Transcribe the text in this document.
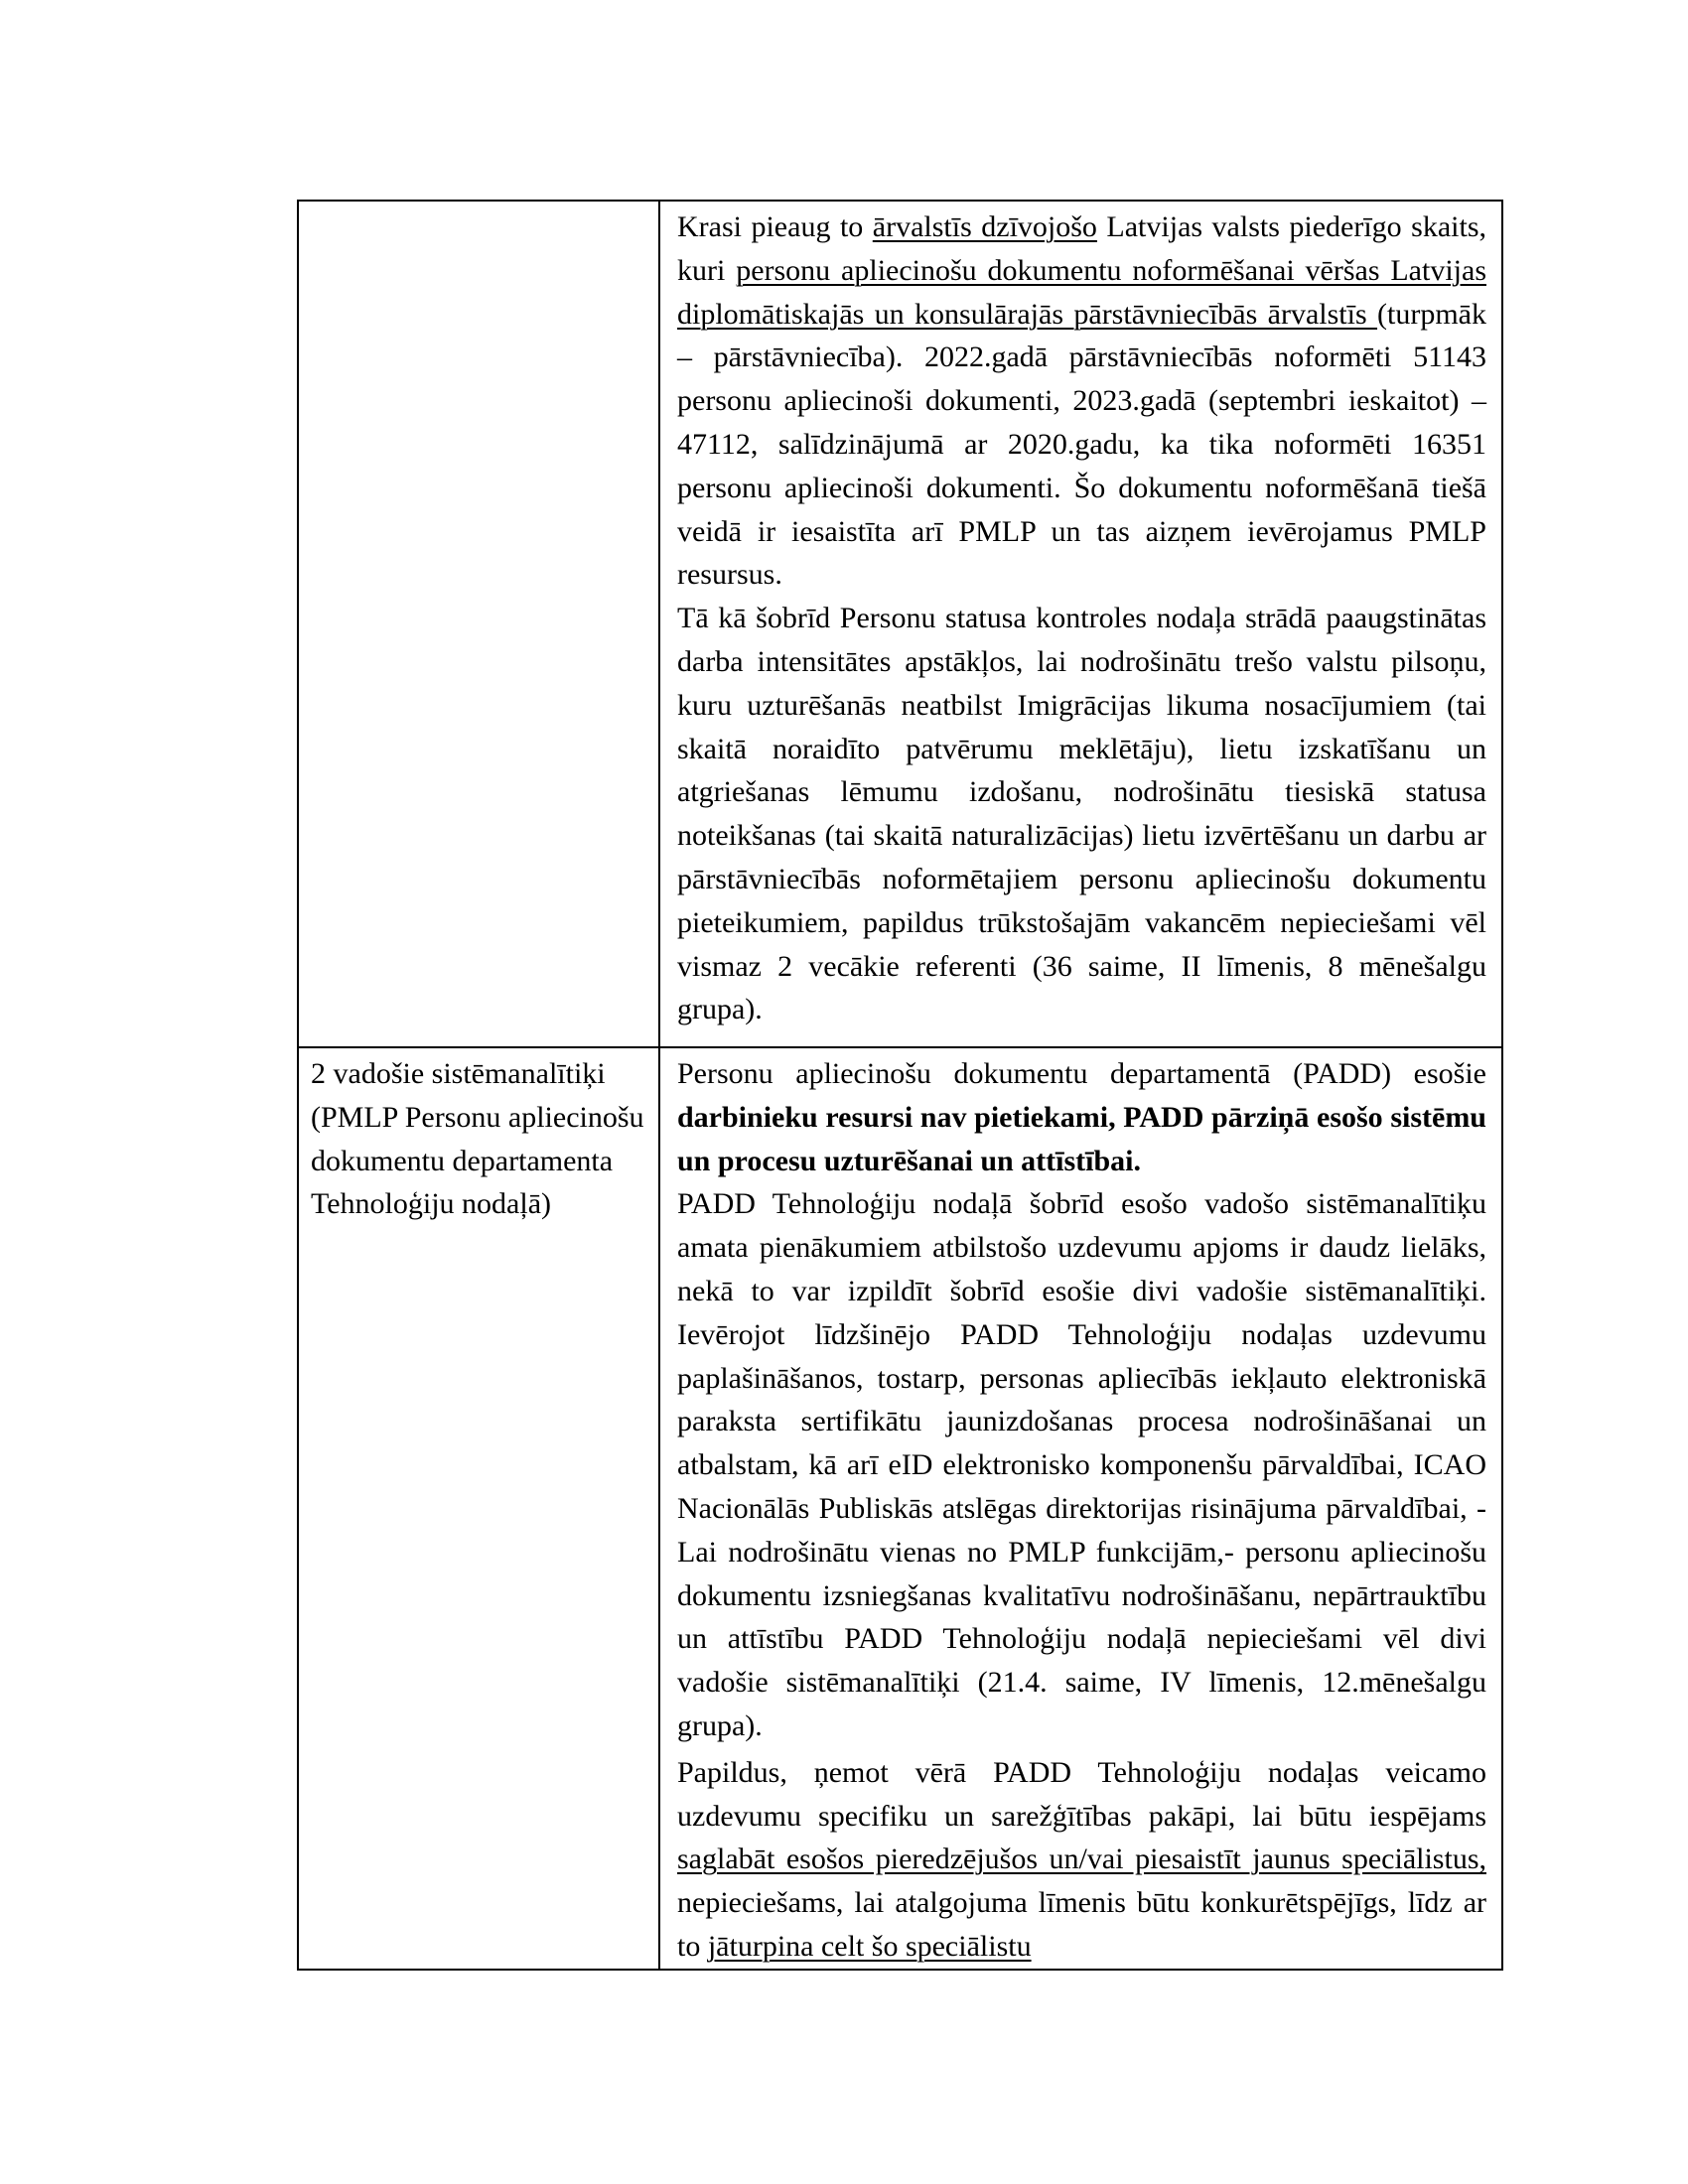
	Krasi pieaug to ārvalstīs dzīvojošo Latvijas valsts piederīgo skaits, kuri personu apliecinošu dokumentu noformēšanai vēršas Latvijas diplomātiskajās un konsulārajās pārstāvniecībās ārvalstīs (turpmāk – pārstāvniecība). 2022.gadā pārstāvniecībās noformēti 51143 personu apliecinoši dokumenti, 2023.gadā (septembri ieskaitot) – 47112, salīdzinājumā ar 2020.gadu, ka tika noformēti 16351 personu apliecinoši dokumenti. Šo dokumentu noformēšanā tiešā veidā ir iesaistīta arī PMLP un tas aizņem ievērojamus PMLP resursus.

Tā kā šobrīd Personu statusa kontroles nodaļa strādā paaugstinātas darba intensitātes apstākļos, lai nodrošinātu trešo valstu pilsoņu, kuru uzturēšanās neatbilst Imigrācijas likuma nosacījumiem (tai skaitā noraidīto patvērumu meklētāju), lietu izskatīšanu un atgriešanas lēmumu izdošanu, nodrošinātu tiesiskā statusa noteikšanas (tai skaitā naturalizācijas) lietu izvērtēšanu un darbu ar pārstāvniecībās noformētajiem personu apliecinošu dokumentu pieteikumiem, papildus trūkstošajām vakancēm nepieciešami vēl vismaz 2 vecākie referenti (36 saime, II līmenis, 8 mēnešalgu grupa).

2 vadošie sistēmanalītiķi (PMLP Personu apliecinošu dokumentu departamenta Tehnoloģiju nodaļā)	Personu apliecinošu dokumentu departamentā (PADD) esošie darbinieku resursi nav pietiekami, PADD pārziņā esošo sistēmu un procesu uzturēšanai un attīstībai.

PADD Tehnoloģiju nodaļā šobrīd esošo vadošo sistēmanalītiķu amata pienākumiem atbilstošo uzdevumu apjoms ir daudz lielāks, nekā to var izpildīt šobrīd esošie divi vadošie sistēmanalītiķi. Ievērojot līdzšinējo PADD Tehnoloģiju nodaļas uzdevumu paplašināšanos, tostarp, personas apliecībās iekļauto elektroniskā paraksta sertifikātu jaunizdošanas procesa nodrošināšanai un atbalstam, kā arī eID elektronisko komponenšu pārvaldībai, ICAO Nacionālās Publiskās atslēgas direktorijas risinājuma pārvaldībai, - Lai nodrošinātu vienas no PMLP funkcijām,- personu apliecinošu dokumentu izsniegšanas kvalitatīvu nodrošināšanu, nepārtrauktību un attīstību PADD Tehnoloģiju nodaļā nepieciešami vēl divi vadošie sistēmanalītiķi (21.4. saime, IV līmenis, 12.mēnešalgu grupa).

Papildus, ņemot vērā PADD Tehnoloģiju nodaļas veicamo uzdevumu specifiku un sarežģītības pakāpi, lai būtu iespējams saglabāt esošos pieredzējušos un/vai piesaistīt jaunus speciālistus, nepieciešams, lai atalgojuma līmenis būtu konkurētspējīgs, līdz ar to jāturpina celt šo speciālistu
